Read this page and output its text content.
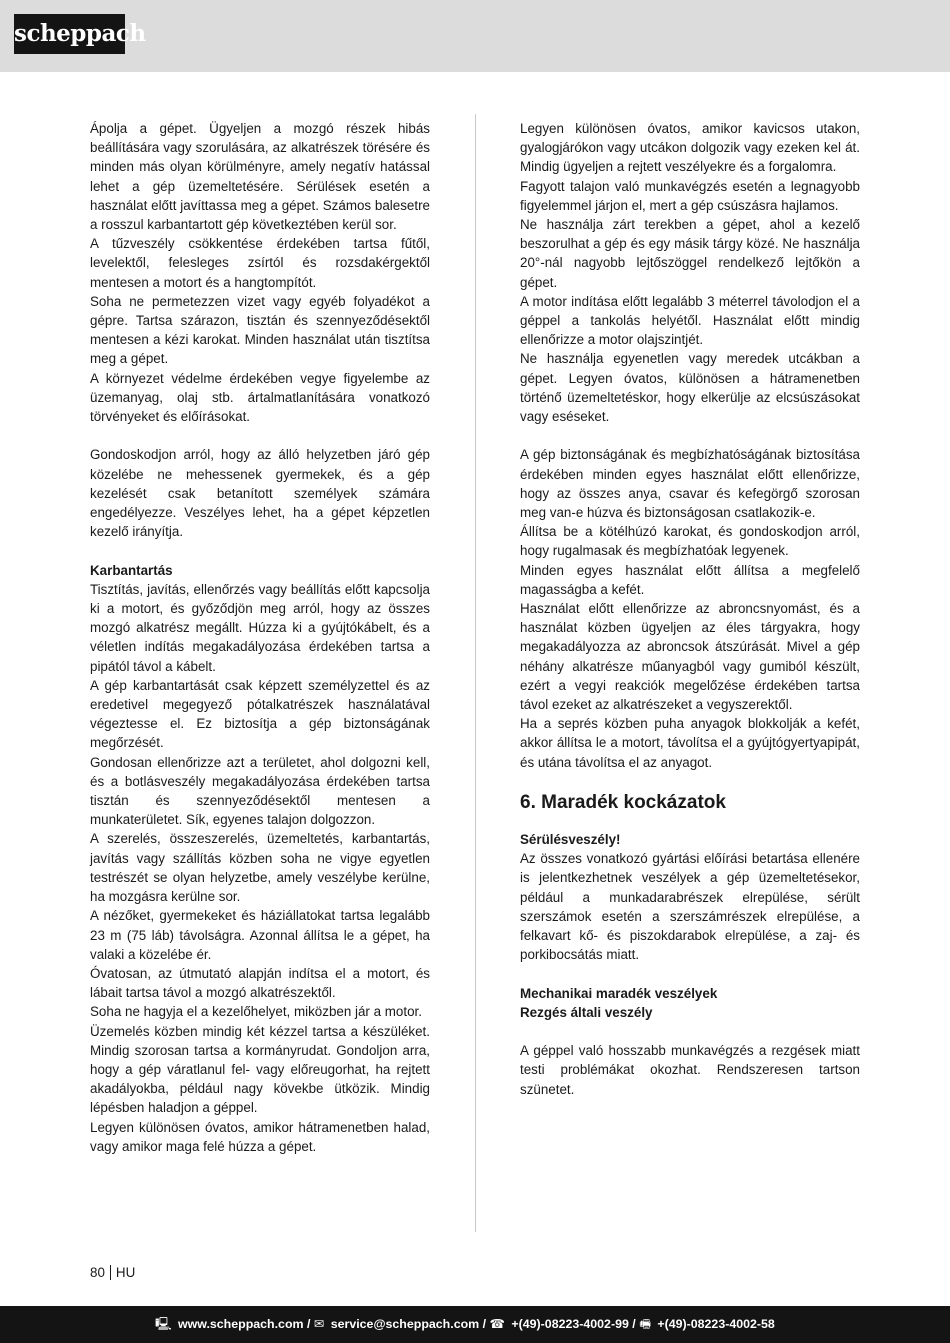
scheppach

Ápolja a gépet. Ügyeljen a mozgó részek hibás beállítására vagy szorulására, az alkatrészek törésére és minden más olyan körülményre, amely negatív hatással lehet a gép üzemeltetésére. Sérülések esetén a használat előtt javíttassa meg a gépet. Számos balesetre a rosszul karbantartott gép következtében kerül sor.

A tűzveszély csökkentése érdekében tartsa fűtől, levelektől, felesleges zsírtól és rozsdakérgektől mentesen a motort és a hangtompítót.

Soha ne permetezzen vizet vagy egyéb folyadékot a gépre. Tartsa szárazon, tisztán és szennyeződésektől mentesen a kézi karokat. Minden használat után tisztítsa meg a gépet.

A környezet védelme érdekében vegye figyelembe az üzemanyag, olaj stb. ártalmatlanítására vonatkozó törvényeket és előírásokat.

Gondoskodjon arról, hogy az álló helyzetben járó gép közelébe ne mehessenek gyermekek, és a gép kezelését csak betanított személyek számára engedélyezze. Veszélyes lehet, ha a gépet képzetlen kezelő irányítja.

Karbantartás

Tisztítás, javítás, ellenőrzés vagy beállítás előtt kapcsolja ki a motort, és győződjön meg arról, hogy az összes mozgó alkatrész megállt. Húzza ki a gyújtókábelt, és a véletlen indítás megakadályozása érdekében tartsa a pipától távol a kábelt.

A gép karbantartását csak képzett személyzettel és az eredetivel megegyező pótalkatrészek használatával végeztesse el. Ez biztosítja a gép biztonságának megőrzését.

Gondosan ellenőrizze azt a területet, ahol dolgozni kell, és a botlásveszély megakadályozása érdekében tartsa tisztán és szennyeződésektől mentesen a munkaterületet. Sík, egyenes talajon dolgozzon.

A szerelés, összeszerelés, üzemeltetés, karbantartás, javítás vagy szállítás közben soha ne vigye egyetlen testrészét se olyan helyzetbe, amely veszélybe kerülne, ha mozgásra kerülne sor.

A nézőket, gyermekeket és háziállatokat tartsa legalább 23 m (75 láb) távolságra. Azonnal állítsa le a gépet, ha valaki a közelébe ér.

Óvatosan, az útmutató alapján indítsa el a motort, és lábait tartsa távol a mozgó alkatrészektől.

Soha ne hagyja el a kezelőhelyet, miközben jár a motor.

Üzemelés közben mindig két kézzel tartsa a készüléket. Mindig szorosan tartsa a kormányrudat. Gondoljon arra, hogy a gép váratlanul fel- vagy előreugorhat, ha rejtett akadályokba, például nagy kövekbe ütközik. Mindig lépésben haladjon a géppel.

Legyen különösen óvatos, amikor hátramenetben halad, vagy amikor maga felé húzza a gépet.

Legyen különösen óvatos, amikor kavicsos utakon, gyalogjárókon vagy utcákon dolgozik vagy ezeken kel át. Mindig ügyeljen a rejtett veszélyekre és a forgalomra.

Fagyott talajon való munkavégzés esetén a legnagyobb figyelemmel járjon el, mert a gép csúszásra hajlamos.

Ne használja zárt terekben a gépet, ahol a kezelő beszorulhat a gép és egy másik tárgy közé. Ne használja 20°-nál nagyobb lejtőszöggel rendelkező lejtőkön a gépet.

A motor indítása előtt legalább 3 méterrel távolodjon el a géppel a tankolás helyétől. Használat előtt mindig ellenőrizze a motor olajszintjét.

Ne használja egyenetlen vagy meredek utcákban a gépet. Legyen óvatos, különösen a hátramenetben történő üzemeltetéskor, hogy elkerülje az elcsúszásokat vagy eséseket.

A gép biztonságának és megbízhatóságának biztosítása érdekében minden egyes használat előtt ellenőrizze, hogy az összes anya, csavar és kefegörgő szorosan meg van-e húzva és biztonságosan csatlakozik-e.

Állítsa be a kötélhúzó karokat, és gondoskodjon arról, hogy rugalmasak és megbízhatóak legyenek.

Minden egyes használat előtt állítsa a megfelelő magasságba a kefét.

Használat előtt ellenőrizze az abroncsnyomást, és a használat közben ügyeljen az éles tárgyakra, hogy megakadályozza az abroncsok átszúrását. Mivel a gép néhány alkatrésze műanyagból vagy gumiból készült, ezért a vegyi reakciók megelőzése érdekében tartsa távol ezeket az alkatrészeket a vegyszerektől.

Ha a seprés közben puha anyagok blokkolják a kefét, akkor állítsa le a motort, távolítsa el a gyújtógyertyapipát, és utána távolítsa el az anyagot.

6. Maradék kockázatok
Sérülésveszély!

Az összes vonatkozó gyártási előírási betartása ellenére is jelentkezhetnek veszélyek a gép üzemeltetésekor, például a munkadarabrészek elrepülése, sérült szerszámok esetén a szerszámrészek elrepülése, a felkavart kő- és piszokdarabok elrepülése, a zaj- és porkibocsátás miatt.

Mechanikai maradék veszélyek
Rezgés általi veszély

A géppel való hosszabb munkavégzés a rezgések miatt testi problémákat okozhat. Rendszeresen tartson szünetet.

80 HU
🖳 www.scheppach.com / ✉ service@scheppach.com / ☎ +(49)-08223-4002-99 / 🖷 +(49)-08223-4002-58
